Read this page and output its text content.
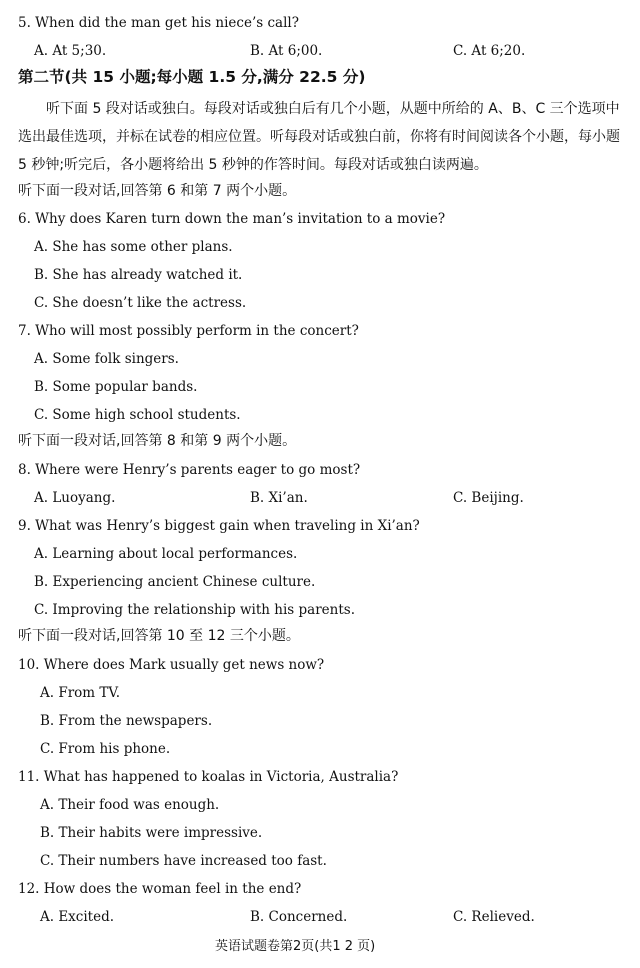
5. When did the man get his niece’s call?
A. At 5;30.	B. At 6;00.	C. At 6;20.
第二节(共 15 小题;每小题 1.5 分,满分 22.5 分)
听下面 5 段对话或独白。每段对话或独白后有几个小题，从题中所给的 A、B、C 三个选项中选出最佳选项，并标在试卷的相应位置。听每段对话或独白前，你将有时间阅读各个小题，每小题 5 秒钟;听完后，各小题将给出 5 秒钟的作答时间。每段对话或独白读两遍。
听下面一段对话,回答第 6 和第 7 两个小题。
6. Why does Karen turn down the man’s invitation to a movie?
A. She has some other plans.
B. She has already watched it.
C. She doesn’t like the actress.
7. Who will most possibly perform in the concert?
A. Some folk singers.
B. Some popular bands.
C. Some high school students.
听下面一段对话,回答第 8 和第 9 两个小题。
8. Where were Henry’s parents eager to go most?
A. Luoyang.	B. Xi’an.	C. Beijing.
9. What was Henry’s biggest gain when traveling in Xi’an?
A. Learning about local performances.
B. Experiencing ancient Chinese culture.
C. Improving the relationship with his parents.
听下面一段对话,回答第 10 至 12 三个小题。
10. Where does Mark usually get news now?
A. From TV.
B. From the newspapers.
C. From his phone.
11. What has happened to koalas in Victoria, Australia?
A. Their food was enough.
B. Their habits were impressive.
C. Their numbers have increased too fast.
12. How does the woman feel in the end?
A. Excited.	B. Concerned.	C. Relieved.
英语试题卷第2页(共1 2 页)
